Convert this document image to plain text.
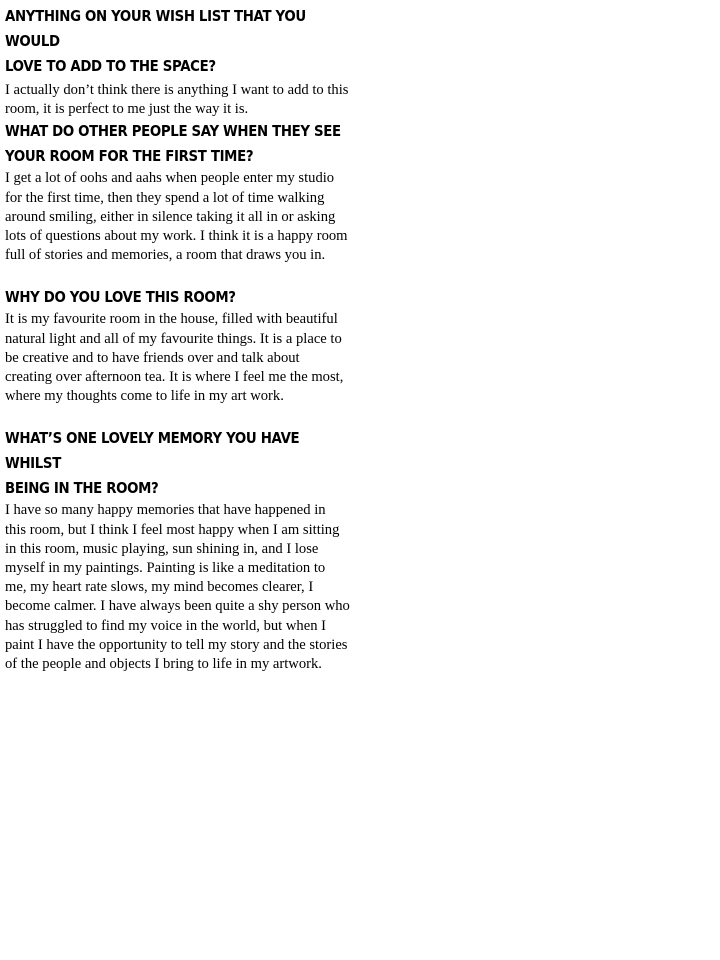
ANYTHING ON YOUR WISH LIST THAT YOU WOULD
LOVE TO ADD TO THE SPACE?

I actually don’t think there is anything I want to add to this room, it is perfect to me just the way it is.

WHAT DO OTHER PEOPLE SAY WHEN THEY SEE
YOUR ROOM FOR THE FIRST TIME?

I get a lot of oohs and aahs when people enter my studio for the first time, then they spend a lot of time walking around smiling, either in silence taking it all in or asking lots of questions about my work. I think it is a happy room full of stories and memories, a room that draws you in.

WHY DO YOU LOVE THIS ROOM?

It is my favourite room in the house, filled with beautiful natural light and all of my favourite things. It is a place to be creative and to have friends over and talk about creating over afternoon tea. It is where I feel me the most, where my thoughts come to life in my art work.

WHAT’S ONE LOVELY MEMORY YOU HAVE WHILST
BEING IN THE ROOM?

I have so many happy memories that have happened in this room, but I think I feel most happy when I am sitting in this room, music playing, sun shining in, and I lose myself in my paintings. Painting is like a meditation to me, my heart rate slows, my mind becomes clearer, I become calmer. I have always been quite a shy person who has struggled to find my voice in the world, but when I paint I have the opportunity to tell my story and the stories of the people and objects I bring to life in my artwork.
